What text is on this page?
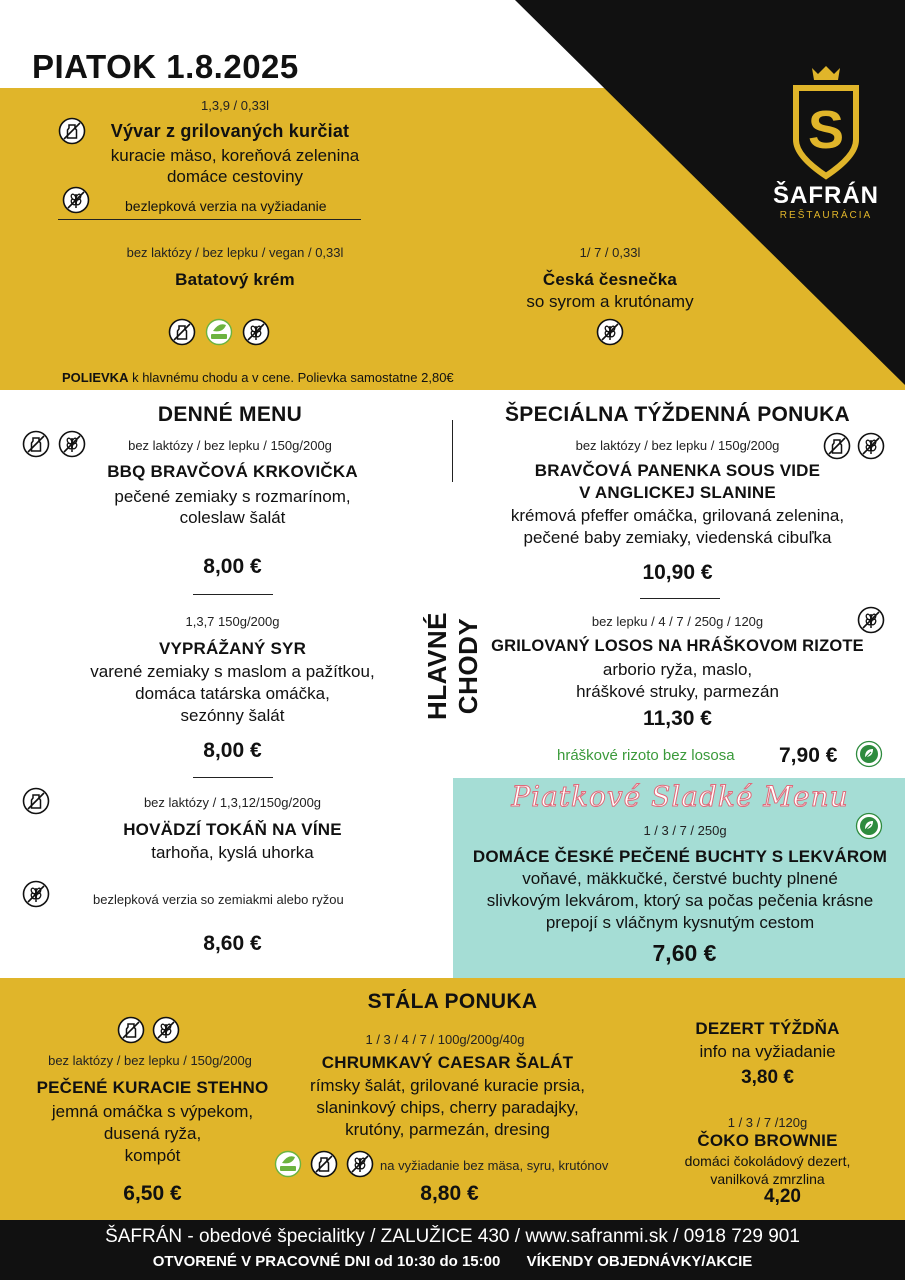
S
ŠAFRÁN
REŠTAURÁCIA
PIATOK 1.8.2025
1,3,9 / 0,33l
Vývar z grilovaných kurčiat
kuracie mäso, koreňová zelenina
domáce cestoviny
bezlepková verzia na vyžiadanie
bez laktózy / bez lepku / vegan / 0,33l
Batatový krém
1/ 7 / 0,33l
Česká česnečka
so syrom a krutónamy
POLIEVKA k hlavnému chodu a v cene. Polievka samostatne 2,80€
DENNÉ MENU
bez laktózy / bez lepku / 150g/200g
BBQ BRAVČOVÁ KRKOVIČKA
pečené zemiaky s rozmarínom,
coleslaw šalát
8,00 €
1,3,7 150g/200g
VYPRÁŽANÝ SYR
varené zemiaky s maslom a pažítkou,
domáca tatárska omáčka,
sezónny šalát
8,00 €
bez laktózy / 1,3,12/150g/200g
HOVÄDZÍ TOKÁŇ NA VÍNE
tarhoňa, kyslá uhorka
bezlepková verzia so zemiakmi alebo ryžou
8,60 €
HLAVNÉ CHODY
ŠPECIÁLNA TÝŽDENNÁ PONUKA
bez laktózy / bez lepku / 150g/200g
BRAVČOVÁ PANENKA SOUS VIDE
V ANGLICKEJ SLANINE
krémová pfeffer omáčka, grilovaná zelenina,
pečené baby zemiaky, viedenská cibuľka
10,90 €
bez lepku / 4 / 7 / 250g / 120g
GRILOVANÝ LOSOS NA HRÁŠKOVOM RIZOTE
arborio ryža, maslo,
hráškové struky, parmezán
11,30 €
hráškové rizoto bez lososa 7,90 €
Piatkové Sladké Menu
1 / 3 / 7 / 250g
DOMÁCE ČESKÉ PEČENÉ BUCHTY S LEKVÁROM
voňavé, mäkkučké, čerstvé buchty plnené
slivkovým lekvárom, ktorý sa počas pečenia krásne
prepojí s vláčnym kysnutým cestom
7,60 €
STÁLA PONUKA
bez laktózy / bez lepku / 150g/200g
PEČENÉ KURACIE STEHNO
jemná omáčka s výpekom,
dusená ryža,
kompót
6,50 €
1 / 3 / 4 / 7 / 100g/200g/40g
CHRUMKAVÝ CAESAR ŠALÁT
rímsky šalát, grilované kuracie prsia,
slaninkový chips, cherry paradajky,
krutóny, parmezán, dresing
na vyžiadanie bez mäsa, syru, krutónov
8,80 €
DEZERT TÝŽDŇA
info na vyžiadanie
3,80 €
1 / 3 / 7 /120g
ČOKO BROWNIE
domáci čokoládový dezert,
vanilková zmrzlina
4,20
ŠAFRÁN - obedové špecialitky / ZALUŽICE 430 / www.safranmi.sk / 0918 729 901
OTVORENÉ V PRACOVNÉ DNI od 10:30 do 15:00 VÍKENDY OBJEDNÁVKY/AKCIE
